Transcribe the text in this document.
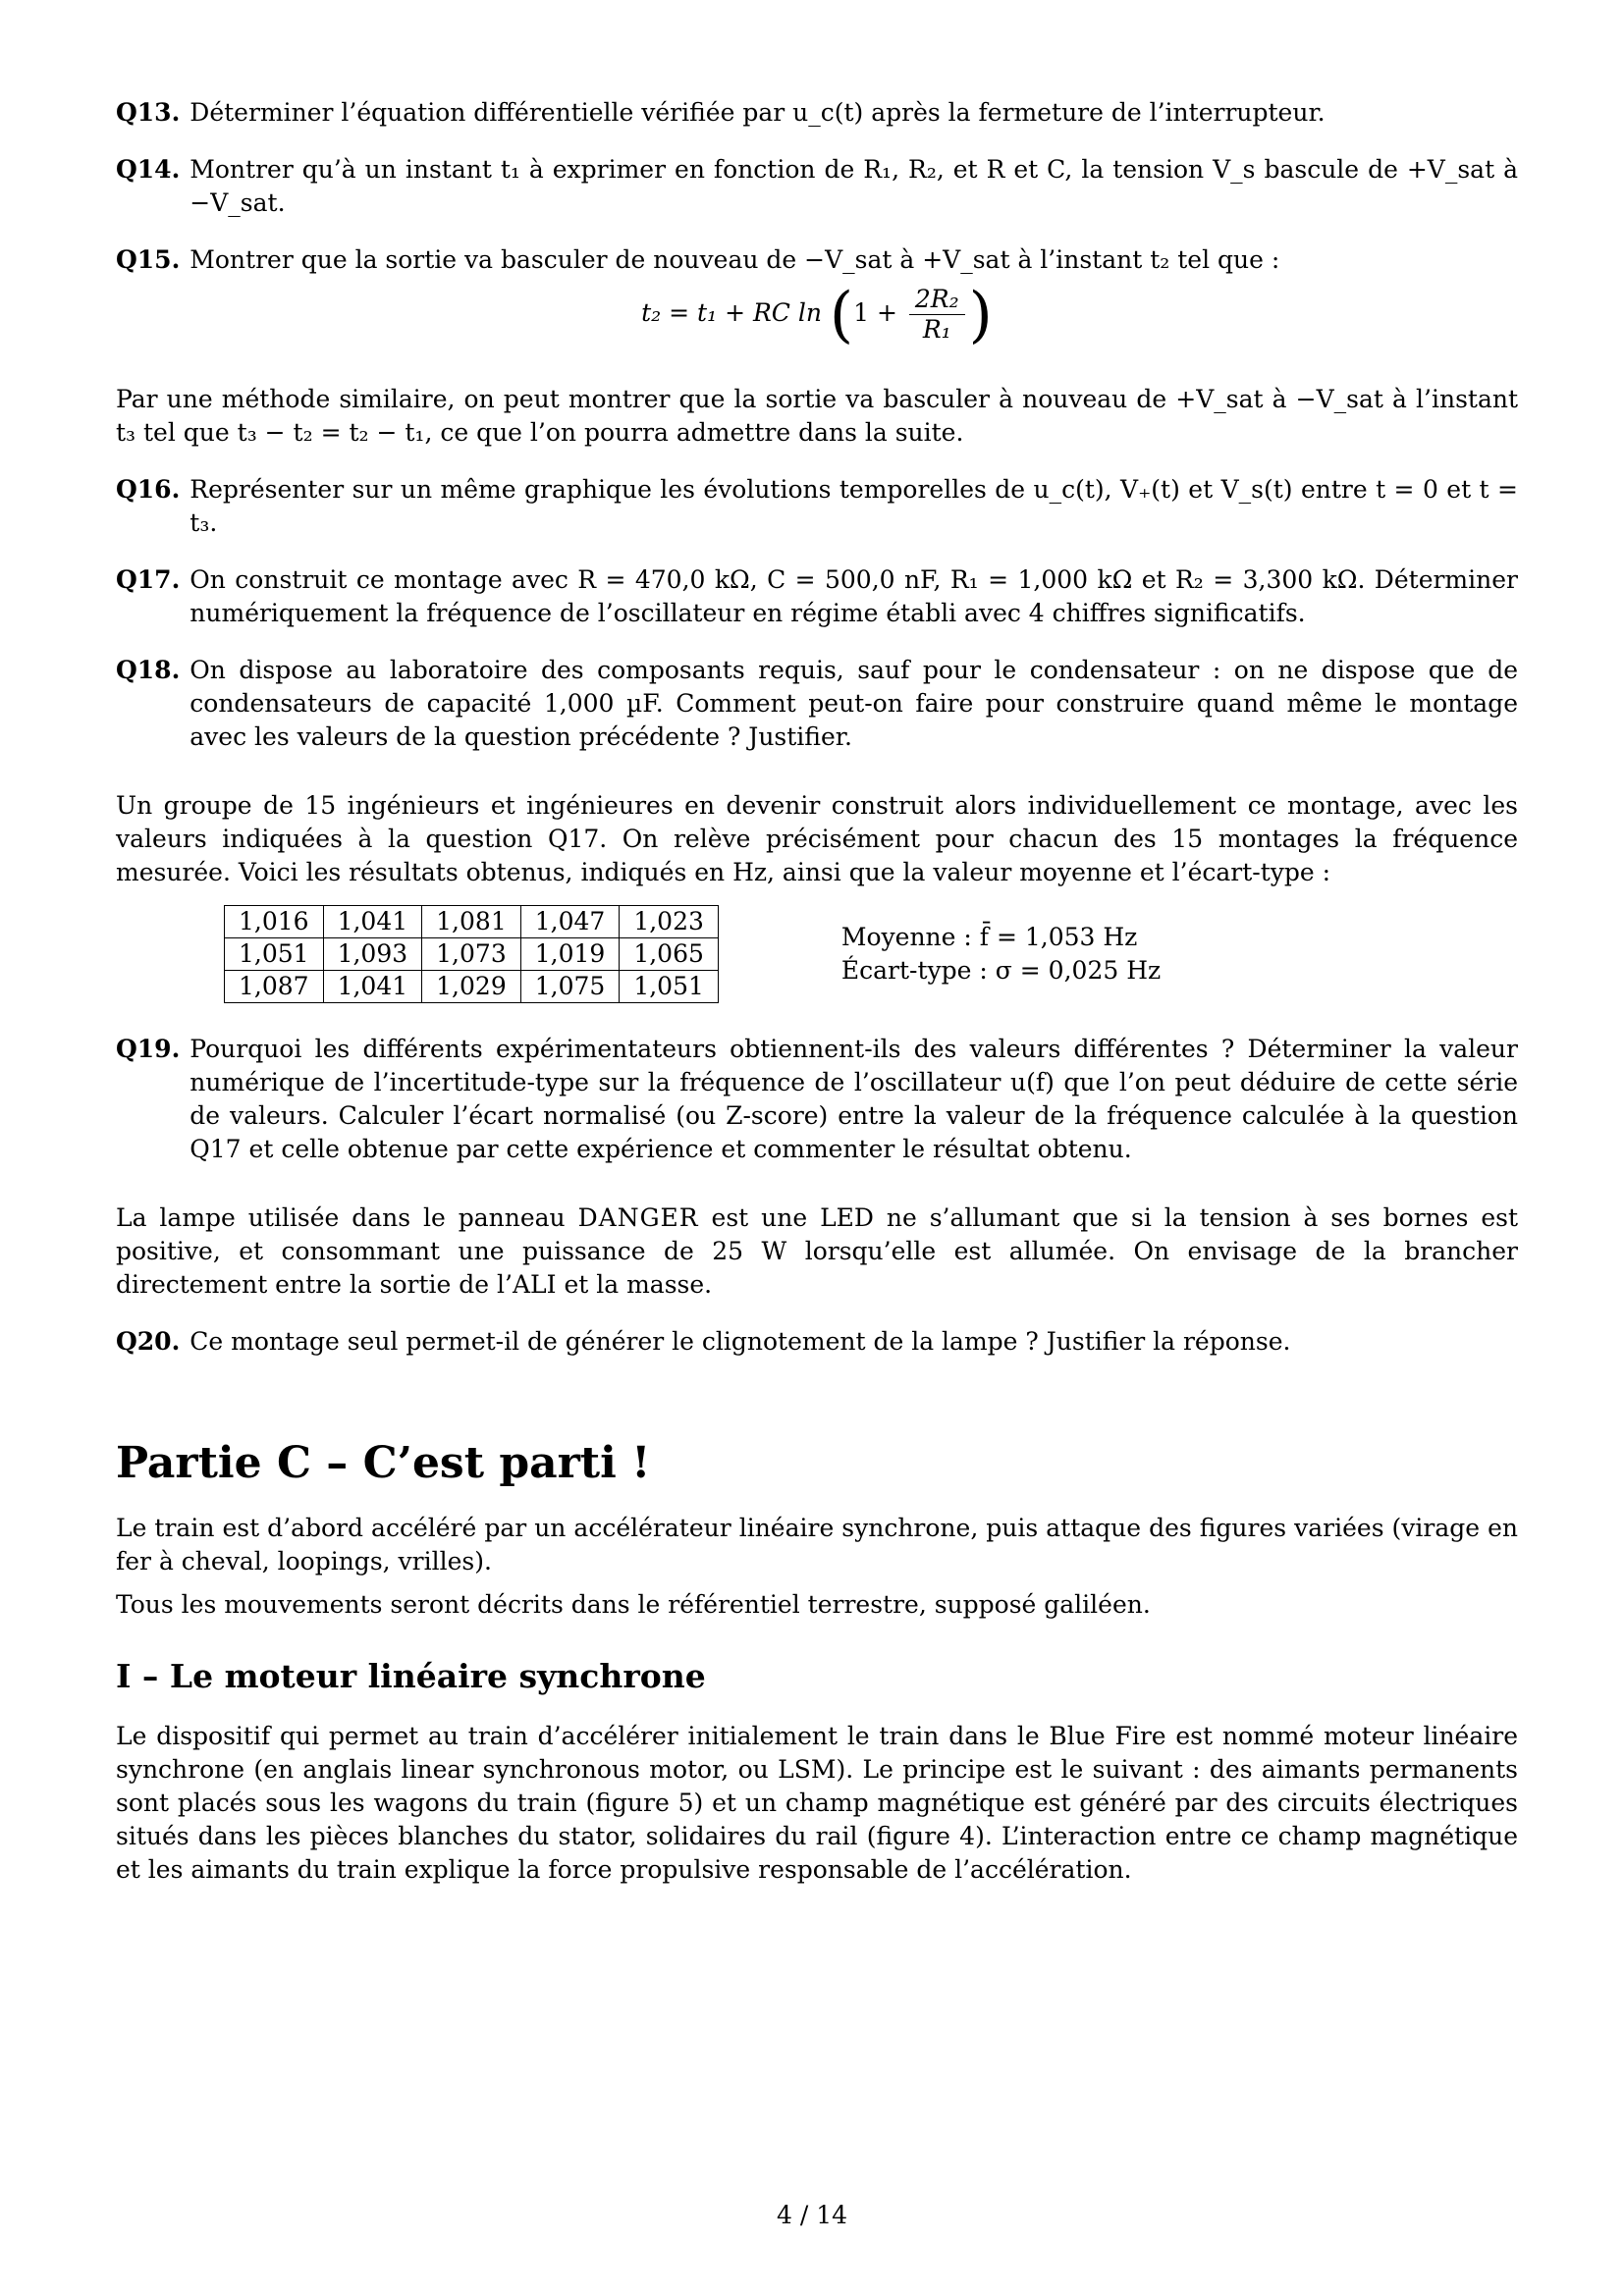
Q13. Déterminer l’équation différentielle vérifiée par u_c(t) après la fermeture de l’interrupteur.
Q14. Montrer qu’à un instant t₁ à exprimer en fonction de R₁, R₂, et R et C, la tension V_s bascule de +V_sat à −V_sat.
Q15. Montrer que la sortie va basculer de nouveau de −V_sat à +V_sat à l’instant t₂ tel que :
t₂ = t₁ + RC $\ln (1 + \frac{\text{2R₂}}{\text{R₁}}$ )

Par une méthode similaire, on peut montrer que la sortie va basculer à nouveau de +V_sat à −V_sat à l’instant t₃ tel que t₃ − t₂ = t₂ − t₁, ce que l’on pourra admettre dans la suite.

Q16. Représenter sur un même graphique les évolutions temporelles de u_c(t), V₊(t) et V_s(t) entre t = 0 et t = t₃.
Q17. On construit ce montage avec R = 470,0 kΩ, C = 500,0 nF, R₁ = 1,000 kΩ et R₂ = 3,300 kΩ. Déterminer numériquement la fréquence de l’oscillateur en régime établi avec 4 chiffres significatifs.
Q18. On dispose au laboratoire des composants requis, sauf pour le condensateur : on ne dispose que de condensateurs de capacité 1,000 µF. Comment peut-on faire pour construire quand même le montage avec les valeurs de la question précédente ? Justifier.

Un groupe de 15 ingénieurs et ingénieures en devenir construit alors individuellement ce montage, avec les valeurs indiquées à la question Q17. On relève précisément pour chacun des 15 montages la fréquence mesurée. Voici les résultats obtenus, indiqués en Hz, ainsi que la valeur moyenne et l’écart-type :

1,016	1,041	1,081	1,047	1,023
1,051	1,093	1,073	1,019	1,065
1,087	1,041	1,029	1,075	1,051
Moyenne : f̄ = 1,053 Hz
Écart-type : σ = 0,025 Hz
Q19. Pourquoi les différents expérimentateurs obtiennent-ils des valeurs différentes ? Déterminer la valeur numérique de l’incertitude-type sur la fréquence de l’oscillateur u(f) que l’on peut déduire de cette série de valeurs. Calculer l’écart normalisé (ou Z-score) entre la valeur de la fréquence calculée à la question Q17 et celle obtenue par cette expérience et commenter le résultat obtenu.

La lampe utilisée dans le panneau DANGER est une LED ne s’allumant que si la tension à ses bornes est positive, et consommant une puissance de 25 W lorsqu’elle est allumée. On envisage de la brancher directement entre la sortie de l’ALI et la masse.

Q20. Ce montage seul permet-il de générer le clignotement de la lampe ? Justifier la réponse.
Partie C – C’est parti !

Le train est d’abord accéléré par un accélérateur linéaire synchrone, puis attaque des figures variées (virage en fer à cheval, loopings, vrilles).

Tous les mouvements seront décrits dans le référentiel terrestre, supposé galiléen.

I – Le moteur linéaire synchrone

Le dispositif qui permet au train d’accélérer initialement le train dans le Blue Fire est nommé moteur linéaire synchrone (en anglais linear synchronous motor, ou LSM). Le principe est le suivant : des aimants permanents sont placés sous les wagons du train (figure 5) et un champ magnétique est généré par des circuits électriques situés dans les pièces blanches du stator, solidaires du rail (figure 4). L’interaction entre ce champ magnétique et les aimants du train explique la force propulsive responsable de l’accélération.

4 / 14
